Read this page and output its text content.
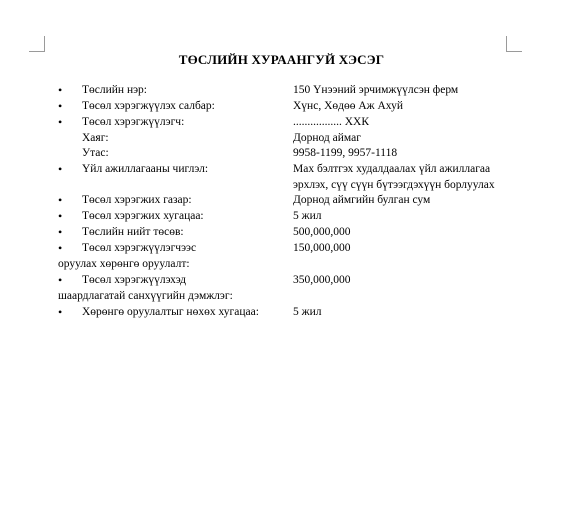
ТӨСЛИЙН ХУРААНГУЙ ХЭСЭГ
•	Төслийн нэр:	150 Үнээний эрчимжүүлсэн ферм
•	Төсөл хэрэгжүүлэх салбар:	Хүнс, Хөдөө Аж Ахуй
•	Төсөл хэрэгжүүлэгч:	................. ХХК
Хаяг:	Дорнод аймаг
Утас:	9958-1199, 9957-1118
•	Үйл ажиллагааны чиглэл:	Мах бэлтгэх худалдаалах үйл ажиллагаа
эрхлэх, сүү сүүн бүтээгдэхүүн борлуулах
•	Төсөл хэрэгжих газар:	Дорнод аймгийн булган сум
•	Төсөл хэрэгжих хугацаа:	5 жил
•	Төслийн нийт төсөв:	500,000,000
•	Төсөл хэрэгжүүлэгчээс	150,000,000
оруулах хөрөнгө оруулалт:
•	Төсөл хэрэгжүүлэхэд	350,000,000
шаардлагатай санхүүгийн дэмжлэг:
•	Хөрөнгө оруулалтыг нөхөх хугацаа:	5 жил
